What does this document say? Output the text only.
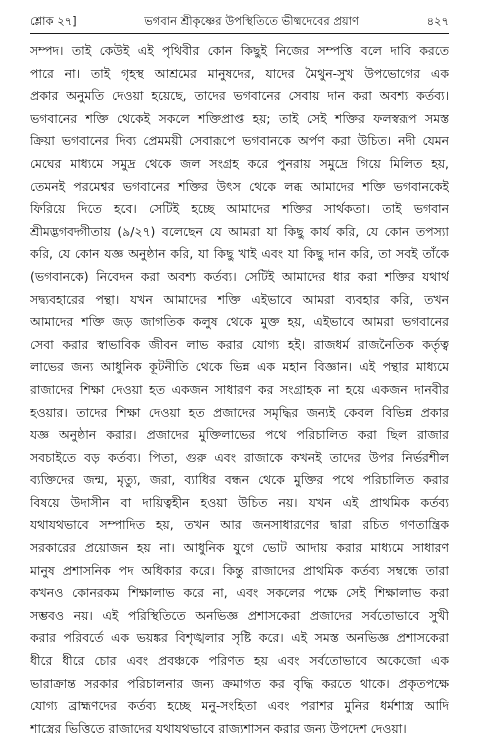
শ্লোক ২৭]	ভগবান শ্রীকৃষ্ণের উপস্থিতিতে ভীষ্মদেবের প্রয়াণ	৪২৭
সম্পদ। তাই কেউই এই পৃথিবীর কোন কিছুই নিজের সম্পত্তি বলে দাবি করতে
পারে না। তাই গৃহস্থ আশ্রমের মানুষদের, যাদের মৈথুন-সুখ উপভোগের এক
প্রকার অনুমতি দেওয়া হয়েছে, তাদের ভগবানের সেবায় দান করা অবশ্য কর্তব্য।
ভগবানের শক্তি থেকেই সকলে শক্তিপ্রাপ্ত হয়; তাই সেই শক্তির ফলস্বরূপ সমস্ত
ক্রিয়া ভগবানের দিব্য প্রেমময়ী সেবারূপে ভগবানকে অর্পণ করা উচিত। নদী যেমন
মেঘের মাধ্যমে সমুদ্র থেকে জল সংগ্রহ করে পুনরায় সমুদ্রে গিয়ে মিলিত হয়,
তেমনই পরমেশ্বর ভগবানের শক্তির উৎস থেকে লব্ধ আমাদের শক্তি ভগবানকেই
ফিরিয়ে দিতে হবে। সেটিই হচ্ছে আমাদের শক্তির সার্থকতা। তাই ভগবান
শ্রীমদ্ভগবদ্গীতায় (৯/২৭) বলেছেন যে আমরা যা কিছু কার্য করি, যে কোন তপস্যা
করি, যে কোন যজ্ঞ অনুষ্ঠান করি, যা কিছু খাই এবং যা কিছু দান করি, তা সবই তাঁকে
(ভগবানকে) নিবেদন করা অবশ্য কর্তব্য। সেটিই আমাদের ধার করা শক্তির যথার্থ
সদ্ব্যবহারের পন্থা। যখন আমাদের শক্তি এইভাবে আমরা ব্যবহার করি, তখন
আমাদের শক্তি জড় জাগতিক কলুষ থেকে মুক্ত হয়, এইভাবে আমরা ভগবানের
সেবা করার স্বাভাবিক জীবন লাভ করার যোগ্য হই। রাজধর্ম রাজনৈতিক কর্তৃত্ব
লাভের জন্য আধুনিক কূটনীতি থেকে ভিন্ন এক মহান বিজ্ঞান। এই পন্থার মাধ্যমে
রাজাদের শিক্ষা দেওয়া হত একজন সাধারণ কর সংগ্রাহক না হয়ে একজন দানবীর
হওয়ার। তাদের শিক্ষা দেওয়া হত প্রজাদের সমৃদ্ধির জন্যই কেবল বিভিন্ন প্রকার
যজ্ঞ অনুষ্ঠান করার। প্রজাদের মুক্তিলাভের পথে পরিচালিত করা ছিল রাজার
সবচাইতে বড় কর্তব্য। পিতা, গুরু এবং রাজাকে কখনই তাদের উপর নির্ভরশীল
ব্যক্তিদের জন্ম, মৃত্যু, জরা, ব্যাধির বন্ধন থেকে মুক্তির পথে পরিচালিত করার
বিষয়ে উদাসীন বা দায়িত্বহীন হওয়া উচিত নয়। যখন এই প্রাথমিক কর্তব্য
যথাযথভাবে সম্পাদিত হয়, তখন আর জনসাধারণের দ্বারা রচিত গণতান্ত্রিক
সরকারের প্রয়োজন হয় না। আধুনিক যুগে ভোট আদায় করার মাধ্যমে সাধারণ
মানুষ প্রশাসনিক পদ অধিকার করে। কিন্তু রাজাদের প্রাথমিক কর্তব্য সম্বন্ধে তারা
কখনও কোনরকম শিক্ষালাভ করে না, এবং সকলের পক্ষে সেই শিক্ষালাভ করা
সম্ভবও নয়। এই পরিস্থিতিতে অনভিজ্ঞ প্রশাসকেরা প্রজাদের সর্বতোভাবে সুখী
করার পরিবর্তে এক ভয়ঙ্কর বিশৃঙ্খলার সৃষ্টি করে। এই সমস্ত অনভিজ্ঞ প্রশাসকেরা
ধীরে ধীরে চোর এবং প্রবঞ্চকে পরিণত হয় এবং সর্বতোভাবে অকেজো এক
ভারাক্রান্ত সরকার পরিচালনার জন্য ক্রমাগত কর বৃদ্ধি করতে থাকে। প্রকৃতপক্ষে
যোগ্য ব্রাহ্মণদের কর্তব্য হচ্ছে মনু-সংহিতা এবং পরাশর মুনির ধর্মশাস্ত্র আদি
শাস্ত্রের ভিত্তিতে রাজাদের যথাযথভাবে রাজ্যশাসন করার জন্য উপদেশ দেওয়া।
